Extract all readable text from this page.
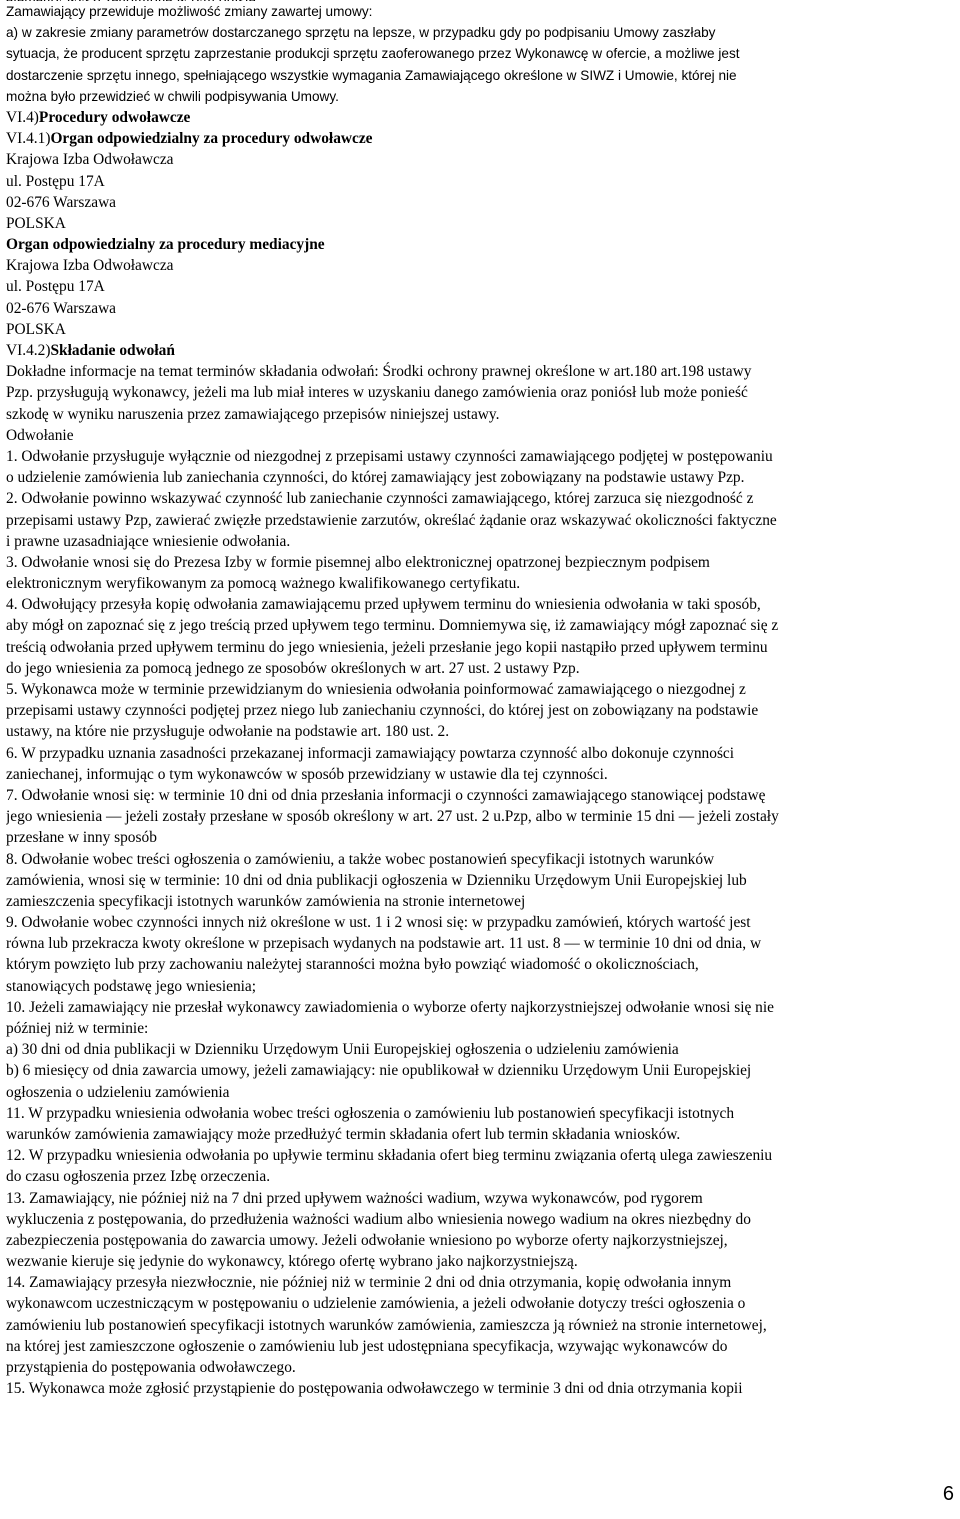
Zamawiający przewiduje możliwość zmiany zawartej umowy:
a) w zakresie zmiany parametrów dostarczanego sprzętu na lepsze, w przypadku gdy po podpisaniu Umowy zaszłaby
sytuacja, że producent sprzętu zaprzestanie produkcji sprzętu zaoferowanego przez Wykonawcę w ofercie, a możliwe jest
dostarczenie sprzętu innego, spełniającego wszystkie wymagania Zamawiającego określone w SIWZ i Umowie, której nie
można było przewidzieć w chwili podpisywania Umowy.
VI.4)Procedury odwoławcze
VI.4.1)Organ odpowiedzialny za procedury odwoławcze
Krajowa Izba Odwoławcza
ul. Postępu 17A
02-676 Warszawa
POLSKA
Organ odpowiedzialny za procedury mediacyjne
Krajowa Izba Odwoławcza
ul. Postępu 17A
02-676 Warszawa
POLSKA
VI.4.2)Składanie odwołań
Dokładne informacje na temat terminów składania odwołań: Środki ochrony prawnej określone w art.180 art.198 ustawy
Pzp. przysługują wykonawcy, jeżeli ma lub miał interes w uzyskaniu danego zamówienia oraz poniósł lub może ponieść
szkodę w wyniku naruszenia przez zamawiającego przepisów niniejszej ustawy.
Odwołanie
1. Odwołanie przysługuje wyłącznie od niezgodnej z przepisami ustawy czynności zamawiającego podjętej w postępowaniu
o udzielenie zamówienia lub zaniechania czynności, do której zamawiający jest zobowiązany na podstawie ustawy Pzp.
2. Odwołanie powinno wskazywać czynność lub zaniechanie czynności zamawiającego, której zarzuca się niezgodność z
przepisami ustawy Pzp, zawierać zwięzłe przedstawienie zarzutów, określać żądanie oraz wskazywać okoliczności faktyczne
i prawne uzasadniające wniesienie odwołania.
3. Odwołanie wnosi się do Prezesa Izby w formie pisemnej albo elektronicznej opatrzonej bezpiecznym podpisem
elektronicznym weryfikowanym za pomocą ważnego kwalifikowanego certyfikatu.
4. Odwołujący przesyła kopię odwołania zamawiającemu przed upływem terminu do wniesienia odwołania w taki sposób,
aby mógł on zapoznać się z jego treścią przed upływem tego terminu. Domniemywa się, iż zamawiający mógł zapoznać się z
treścią odwołania przed upływem terminu do jego wniesienia, jeżeli przesłanie jego kopii nastąpiło przed upływem terminu
do jego wniesienia za pomocą jednego ze sposobów określonych w art. 27 ust. 2 ustawy Pzp.
5. Wykonawca może w terminie przewidzianym do wniesienia odwołania poinformować zamawiającego o niezgodnej z
przepisami ustawy czynności podjętej przez niego lub zaniechaniu czynności, do której jest on zobowiązany na podstawie
ustawy, na które nie przysługuje odwołanie na podstawie art. 180 ust. 2.
6. W przypadku uznania zasadności przekazanej informacji zamawiający powtarza czynność albo dokonuje czynności
zaniechanej, informując o tym wykonawców w sposób przewidziany w ustawie dla tej czynności.
7. Odwołanie wnosi się: w terminie 10 dni od dnia przesłania informacji o czynności zamawiającego stanowiącej podstawę
jego wniesienia — jeżeli zostały przesłane w sposób określony w art. 27 ust. 2 u.Pzp, albo w terminie 15 dni — jeżeli zostały
przesłane w inny sposób
8. Odwołanie wobec treści ogłoszenia o zamówieniu, a także wobec postanowień specyfikacji istotnych warunków
zamówienia, wnosi się w terminie: 10 dni od dnia publikacji ogłoszenia w Dzienniku Urzędowym Unii Europejskiej lub
zamieszczenia specyfikacji istotnych warunków zamówienia na stronie internetowej
9. Odwołanie wobec czynności innych niż określone w ust. 1 i 2 wnosi się: w przypadku zamówień, których wartość jest
równa lub przekracza kwoty określone w przepisach wydanych na podstawie art. 11 ust. 8 — w terminie 10 dni od dnia, w
którym powzięto lub przy zachowaniu należytej staranności można było powziąć wiadomość o okolicznościach,
stanowiących podstawę jego wniesienia;
10. Jeżeli zamawiający nie przesłał wykonawcy zawiadomienia o wyborze oferty najkorzystniejszej odwołanie wnosi się nie
później niż w terminie:
a) 30 dni od dnia publikacji w Dzienniku Urzędowym Unii Europejskiej ogłoszenia o udzieleniu zamówienia
b) 6 miesięcy od dnia zawarcia umowy, jeżeli zamawiający: nie opublikował w dzienniku Urzędowym Unii Europejskiej
ogłoszenia o udzieleniu zamówienia
11. W przypadku wniesienia odwołania wobec treści ogłoszenia o zamówieniu lub postanowień specyfikacji istotnych
warunków zamówienia zamawiający może przedłużyć termin składania ofert lub termin składania wniosków.
12. W przypadku wniesienia odwołania po upływie terminu składania ofert bieg terminu związania ofertą ulega zawieszeniu
do czasu ogłoszenia przez Izbę orzeczenia.
13. Zamawiający, nie później niż na 7 dni przed upływem ważności wadium, wzywa wykonawców, pod rygorem
wykluczenia z postępowania, do przedłużenia ważności wadium albo wniesienia nowego wadium na okres niezbędny do
zabezpieczenia postępowania do zawarcia umowy. Jeżeli odwołanie wniesiono po wyborze oferty najkorzystniejszej,
wezwanie kieruje się jedynie do wykonawcy, którego ofertę wybrano jako najkorzystniejszą.
14. Zamawiający przesyła niezwłocznie, nie później niż w terminie 2 dni od dnia otrzymania, kopię odwołania innym
wykonawcom uczestniczącym w postępowaniu o udzielenie zamówienia, a jeżeli odwołanie dotyczy treści ogłoszenia o
zamówieniu lub postanowień specyfikacji istotnych warunków zamówienia, zamieszcza ją również na stronie internetowej,
na której jest zamieszczone ogłoszenie o zamówieniu lub jest udostępniana specyfikacja, wzywając wykonawców do
przystąpienia do postępowania odwoławczego.
15. Wykonawca może zgłosić przystąpienie do postępowania odwoławczego w terminie 3 dni od dnia otrzymania kopii
6
